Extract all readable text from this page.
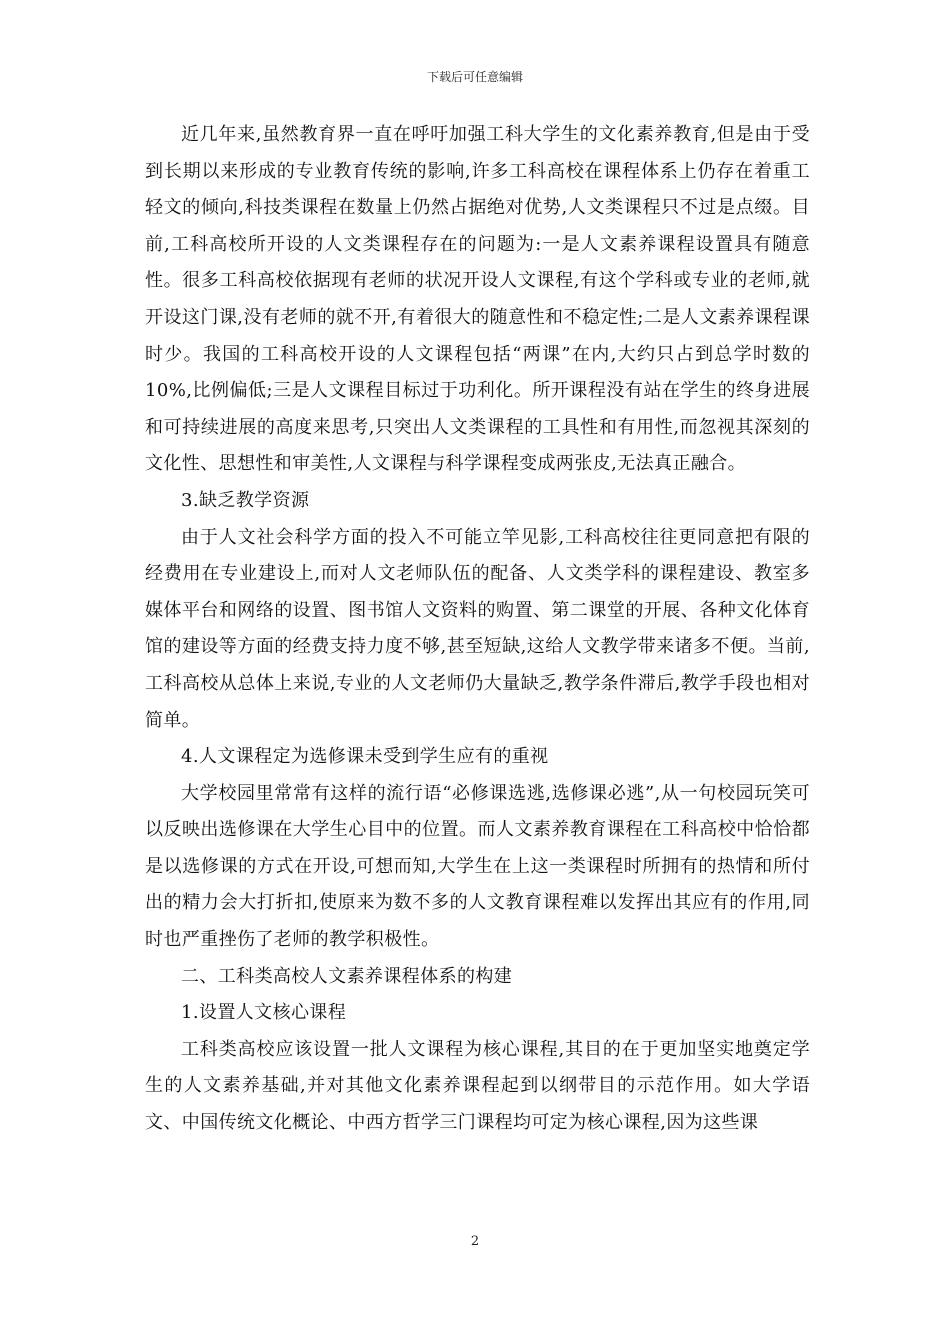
下载后可任意编辑

近几年来,虽然教育界一直在呼吁加强工科大学生的文化素养教育,但是由于受到长期以来形成的专业教育传统的影响,许多工科高校在课程体系上仍存在着重工轻文的倾向,科技类课程在数量上仍然占据绝对优势,人文类课程只不过是点缀。目前,工科高校所开设的人文类课程存在的问题为:一是人文素养课程设置具有随意性。很多工科高校依据现有老师的状况开设人文课程,有这个学科或专业的老师,就开设这门课,没有老师的就不开,有着很大的随意性和不稳定性;二是人文素养课程课时少。我国的工科高校开设的人文课程包括“两课”在内,大约只占到总学时数的10%,比例偏低;三是人文课程目标过于功利化。所开课程没有站在学生的终身进展和可持续进展的高度来思考,只突出人文类课程的工具性和有用性,而忽视其深刻的文化性、思想性和审美性,人文课程与科学课程变成两张皮,无法真正融合。

3.缺乏教学资源

由于人文社会科学方面的投入不可能立竿见影,工科高校往往更同意把有限的经费用在专业建设上,而对人文老师队伍的配备、人文类学科的课程建设、教室多媒体平台和网络的设置、图书馆人文资料的购置、第二课堂的开展、各种文化体育馆的建设等方面的经费支持力度不够,甚至短缺,这给人文教学带来诸多不便。当前,工科高校从总体上来说,专业的人文老师仍大量缺乏,教学条件滞后,教学手段也相对简单。

4.人文课程定为选修课未受到学生应有的重视

大学校园里常常有这样的流行语“必修课选逃,选修课必逃”,从一句校园玩笑可以反映出选修课在大学生心目中的位置。而人文素养教育课程在工科高校中恰恰都是以选修课的方式在开设,可想而知,大学生在上这一类课程时所拥有的热情和所付出的精力会大打折扣,使原来为数不多的人文教育课程难以发挥出其应有的作用,同时也严重挫伤了老师的教学积极性。

二、工科类高校人文素养课程体系的构建

1.设置人文核心课程

工科类高校应该设置一批人文课程为核心课程,其目的在于更加坚实地奠定学生的人文素养基础,并对其他文化素养课程起到以纲带目的示范作用。如大学语文、中国传统文化概论、中西方哲学三门课程均可定为核心课程,因为这些课

2
